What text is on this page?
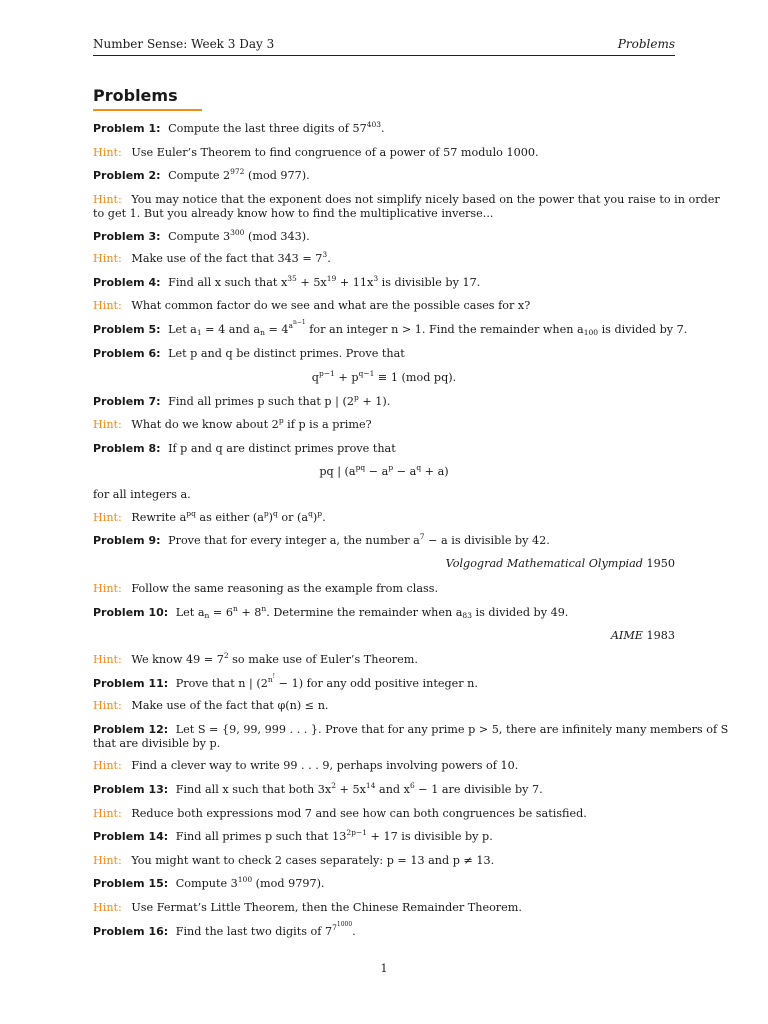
Number Sense: Week 3 Day 3	Problems
Problems
Problem 1: Compute the last three digits of $57^{403}$.
Hint: Use Euler’s Theorem to find congruence of a power of 57 modulo 1000.
Problem 2: Compute $2^{972}$ (mod 977).
Hint: You may notice that the exponent does not simplify nicely based on the power that you raise to in order
to get 1. But you already know how to find the multiplicative inverse...
Problem 3: Compute $3^{300}$ (mod 343).
Hint: Make use of the fact that $343 = 7^3$.
Problem 4: Find all x such that $x^{35} + 5x^{19} + 11x^3$ is divisible by 17.
Hint: What common factor do we see and what are the possible cases for x?
Problem 5: Let $a_1 = 4$ and $a_n = 4^{a^{n-1}}$ for an integer n > 1. Find the remainder when $a_{100}$ is divided by 7.
Problem 6: Let p and q be distinct primes. Prove that
$q^{p-1} + p^{q-1} \equiv 1$ (mod pq).
Problem 7: Find all primes p such that p | $(2^p + 1)$.
Hint: What do we know about 2$^p$ if p is a prime?
Problem 8: If p and q are distinct primes prove that
pq | $(a^{pq} - a^p - a^q + a)$
for all integers a.
Hint: Rewrite $a^{pq}$ as either $(a^p)^q$ or $(a^q)^p$.
Problem 9: Prove that for every integer a, the number $a^7 - a$ is divisible by 42.
Volgograd Mathematical Olympiad 1950
Hint: Follow the same reasoning as the example from class.
Problem 10: Let $a_n = 6^n + 8^n$. Determine the remainder when $a_{83}$ is divided by 49.
AIME 1983
Hint: We know $49 = 7^2$ so make use of Euler’s Theorem.
Problem 11: Prove that n | $(2^{n^!} - 1)$ for any odd positive integer n.
Hint: Make use of the fact that φ(n) ≤ n.
Problem 12: Let S = {9, 99, 999 . . . }. Prove that for any prime p > 5, there are infinitely many members of S
that are divisible by p.
Hint: Find a clever way to write 99 . . . 9, perhaps involving powers of 10.
Problem 13: Find all x such that both $3x^2 + 5x^{14}$ and $x^6 - 1$ are divisible by 7.
Hint: Reduce both expressions mod 7 and see how can both congruences be satisfied.
Problem 14: Find all primes p such that $13^{2p-1} + 17$ is divisible by p.
Hint: You might want to check 2 cases separately: p = 13 and p ≠ 13.
Problem 15: Compute $3^{100}$ (mod 9797).
Hint: Use Fermat’s Little Theorem, then the Chinese Remainder Theorem.
Problem 16: Find the last two digits of $7^{7^{1000}}$.
1
